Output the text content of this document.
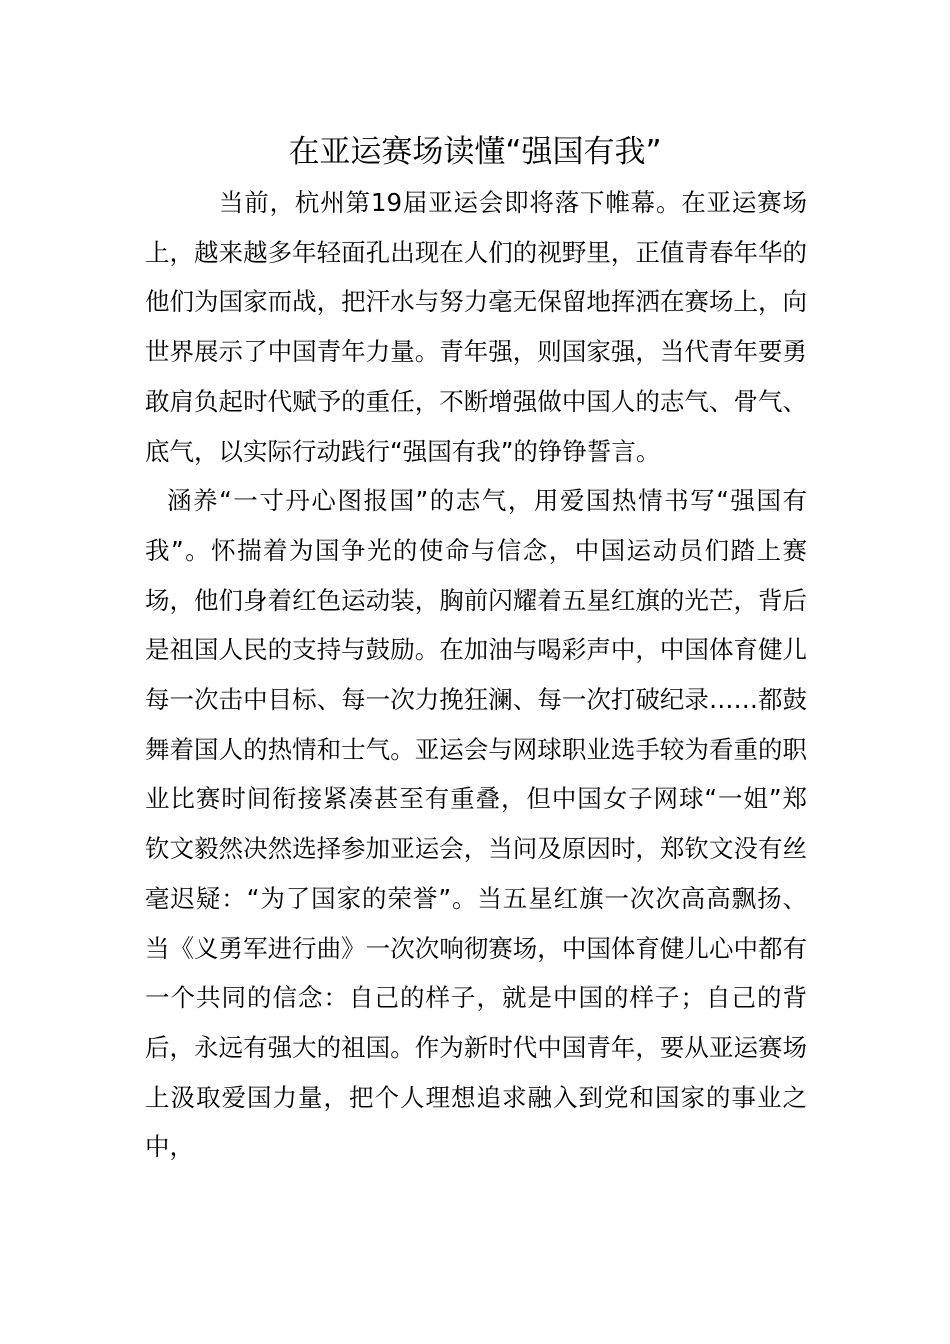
在亚运赛场读懂“强国有我”

当前，杭州第19届亚运会即将落下帷幕。在亚运赛场上，越来越多年轻面孔出现在人们的视野里，正值青春年华的他们为国家而战，把汗水与努力毫无保留地挥洒在赛场上，向世界展示了中国青年力量。青年强，则国家强，当代青年要勇敢肩负起时代赋予的重任，不断增强做中国人的志气、骨气、底气，以实际行动践行“强国有我”的铮铮誓言。

涵养“一寸丹心图报国”的志气，用爱国热情书写“强国有我”。怀揣着为国争光的使命与信念，中国运动员们踏上赛场，他们身着红色运动装，胸前闪耀着五星红旗的光芒，背后是祖国人民的支持与鼓励。在加油与喝彩声中，中国体育健儿每一次击中目标、每一次力挽狂澜、每一次打破纪录……都鼓舞着国人的热情和士气。亚运会与网球职业选手较为看重的职业比赛时间衔接紧凑甚至有重叠，但中国女子网球“一姐”郑钦文毅然决然选择参加亚运会，当问及原因时，郑钦文没有丝毫迟疑：“为了国家的荣誉”。当五星红旗一次次高高飘扬、当《义勇军进行曲》一次次响彻赛场，中国体育健儿心中都有一个共同的信念：自己的样子，就是中国的样子；自己的背后，永远有强大的祖国。作为新时代中国青年，要从亚运赛场上汲取爱国力量，把个人理想追求融入到党和国家的事业之中，
